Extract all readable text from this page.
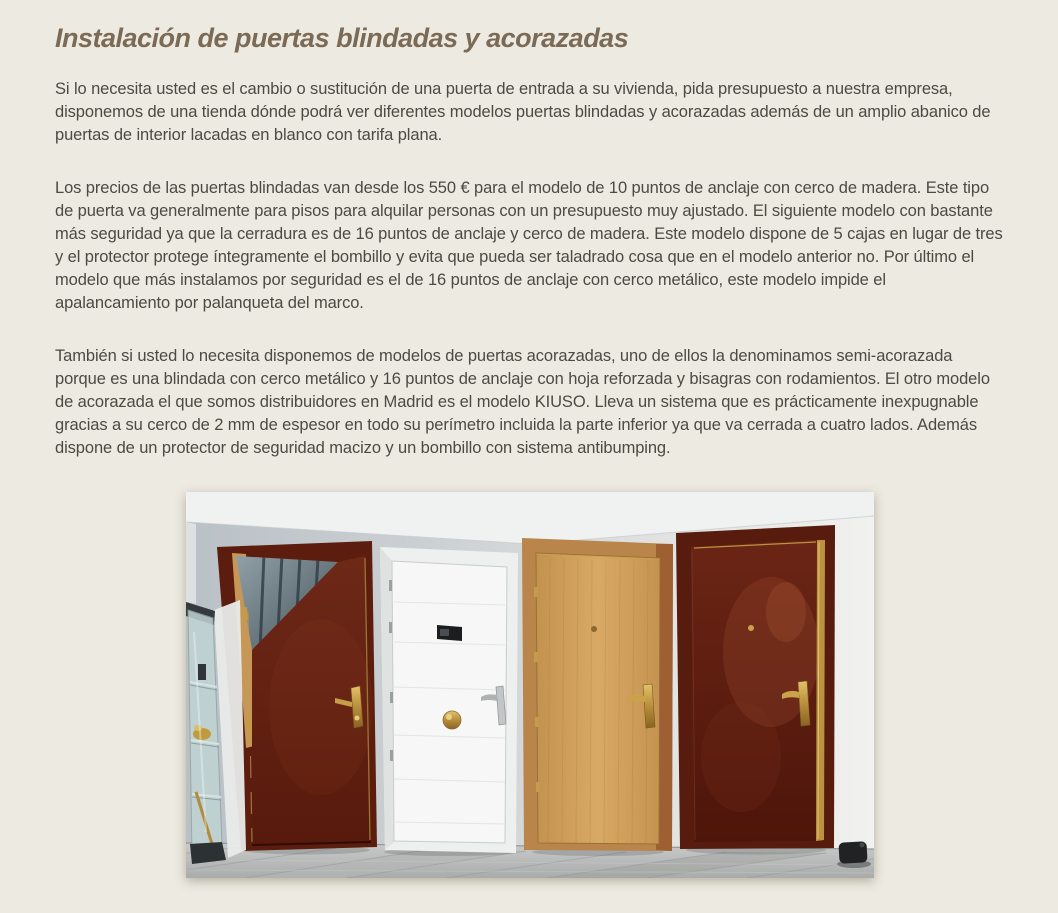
Instalación de puertas blindadas y acorazadas

Si lo necesita usted es el cambio o sustitución de una puerta de entrada a su vivienda, pida presupuesto a nuestra empresa, disponemos de una tienda dónde podrá ver diferentes modelos puertas blindadas y acorazadas además de un amplio abanico de puertas de interior lacadas en blanco con tarifa plana.

Los precios de las puertas blindadas van desde los 550 € para el modelo de 10 puntos de anclaje con cerco de madera. Este tipo de puerta va generalmente para pisos para alquilar personas con un presupuesto muy ajustado. El siguiente modelo con bastante más seguridad ya que la cerradura es de 16 puntos de anclaje y cerco de madera. Este modelo dispone de 5 cajas en lugar de tres y el protector protege íntegramente el bombillo y evita que pueda ser taladrado cosa que en el modelo anterior no. Por último el modelo que más instalamos por seguridad es el de 16 puntos de anclaje con cerco metálico, este modelo impide el apalancamiento por palanqueta del marco.

También si usted lo necesita disponemos de modelos de puertas acorazadas, uno de ellos la denominamos semi-acorazada porque es una blindada con cerco metálico y 16 puntos de anclaje con hoja reforzada y bisagras con rodamientos. El otro modelo de acorazada el que somos distribuidores en Madrid es el modelo KIUSO. Lleva un sistema que es prácticamente inexpugnable gracias a su cerco de 2 mm de espesor en todo su perímetro incluida la parte inferior ya que va cerrada a cuatro lados. Además dispone de un protector de seguridad macizo y un bombillo con sistema antibumping.
